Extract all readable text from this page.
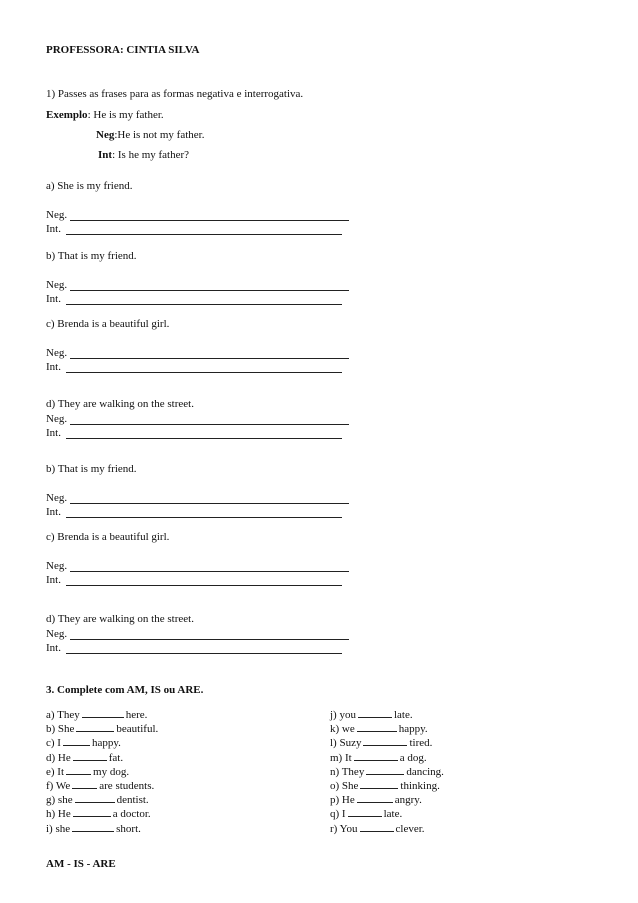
PROFESSORA: CINTIA SILVA
1) Passes as frases para as formas negativa e interrogativa.
Exemplo: He is my father.
Neg:He is not my father.
Int: Is he my father?
a) She is my friend.
Neg.
Int.
b) That is my friend.
Neg.
Int.
c) Brenda is a beautiful girl.
Neg.
Int.
d) They are walking on the street.
Neg.
Int.
b) That is my friend.
Neg.
Int.
c) Brenda is a beautiful girl.
Neg.
Int.
d) They are walking on the street.
Neg.
Int.
3. Complete com AM, IS ou ARE.
a) They	here.
b) She	beautiful.
c) I	happy.
d) He	fat.
e) It	my dog.
f) We	are students.
g) she	dentist.
h) He	a doctor.
i) she	short.
j) you	late.
k) we	happy.
l) Suzy	tired.
m) It	a dog.
n) They	dancing.
o) She	thinking.
p) He	angry.
q) I	late.
r) You	clever.
AM - IS - ARE
